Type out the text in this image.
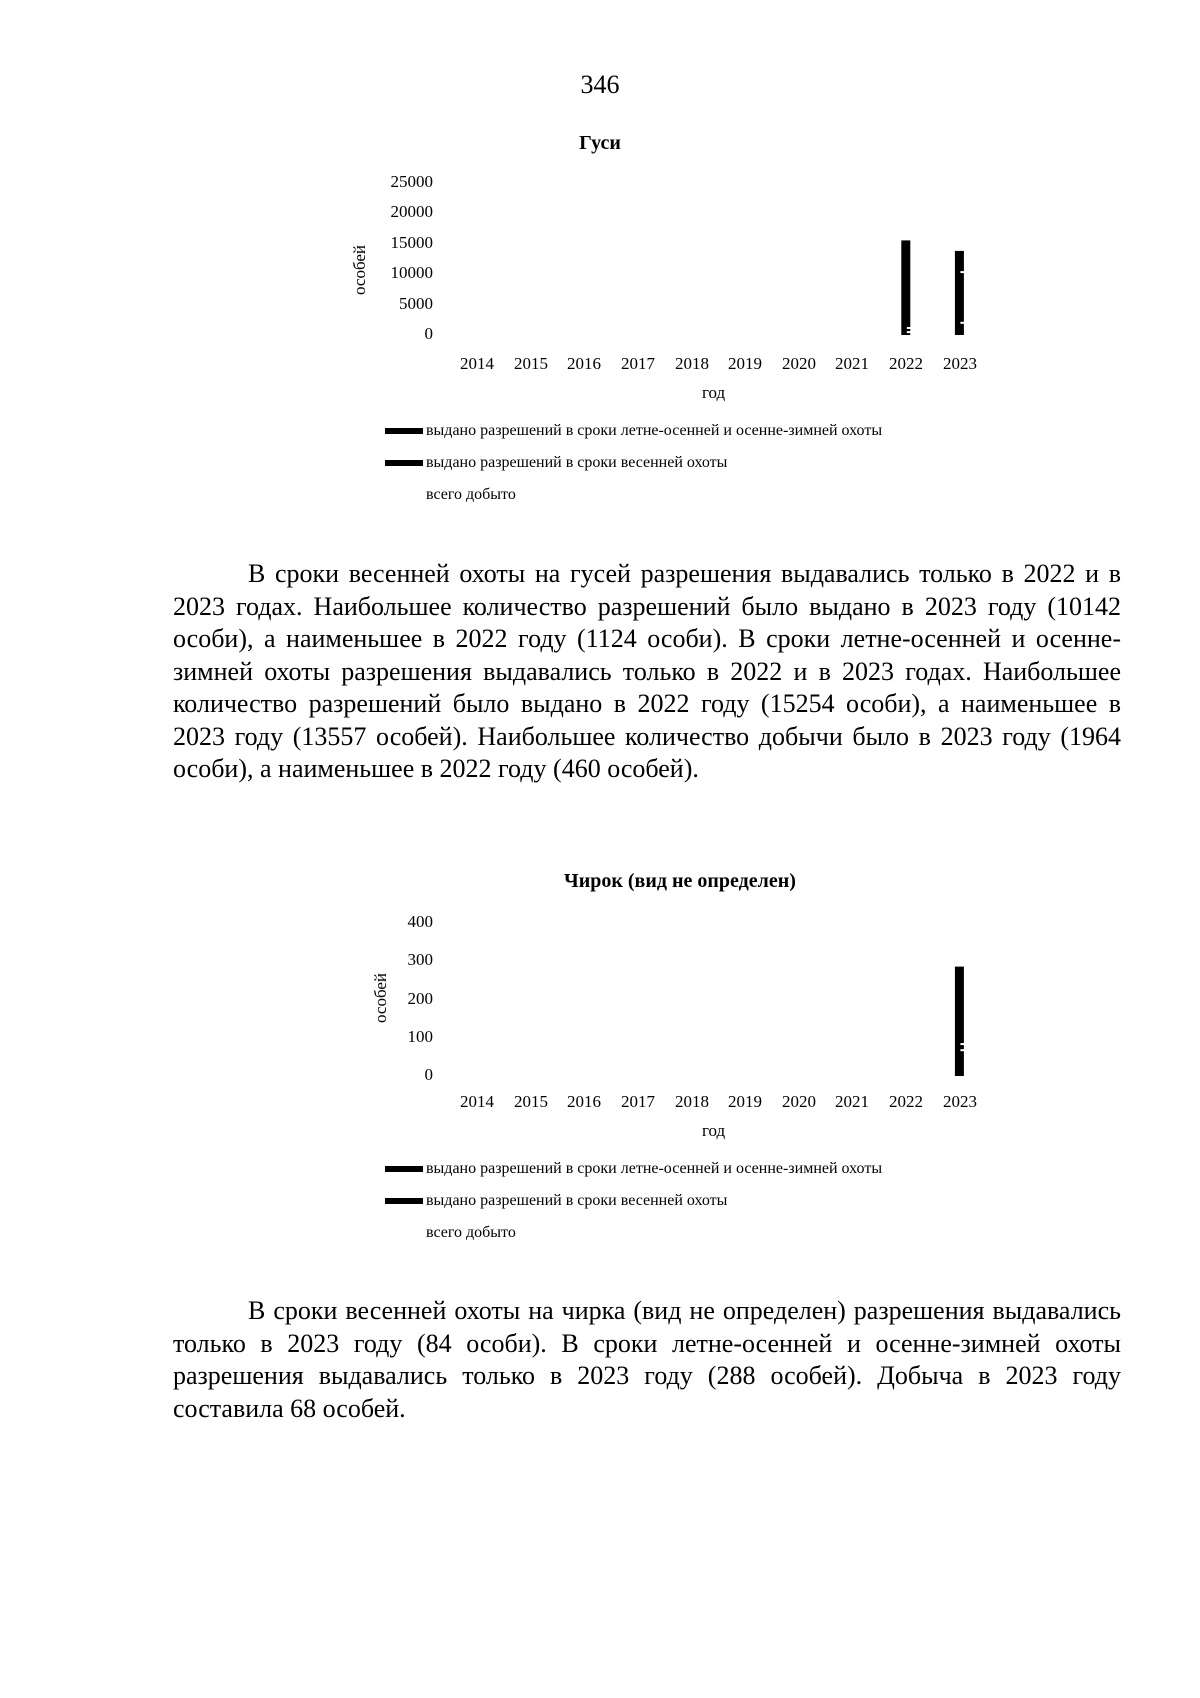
346
Гуси
особей
25000
20000
15000
10000
5000
0
2014	2015	2016	2017	2018	2019	2020	2021	2022	2023
год
выдано разрешений в сроки летне-осенней и осенне-зимней охоты
выдано разрешений в сроки весенней охоты
всего добыто

В сроки весенней охоты на гусей разрешения выдавались только в 2022 и в 2023 годах. Наибольшее количество разрешений было выдано в 2023 году (10142 особи), а наименьшее в 2022 году (1124 особи). В сроки летне-осенней и осенне-зимней охоты разрешения выдавались только в 2022 и в 2023 годах. Наибольшее количество разрешений было выдано в 2022 году (15254 особи), а наименьшее в 2023 году (13557 особей). Наибольшее количество добычи было в 2023 году (1964 особи), а наименьшее в 2022 году (460 особей).

Чирок (вид не определен)
особей
400
300
200
100
0
2014	2015	2016	2017	2018	2019	2020	2021	2022	2023
год
выдано разрешений в сроки летне-осенней и осенне-зимней охоты
выдано разрешений в сроки весенней охоты
всего добыто

В сроки весенней охоты на чирка (вид не определен) разрешения выдавались только в 2023 году (84 особи). В сроки летне-осенней и осенне-зимней охоты разрешения выдавались только в 2023 году (288 особей). Добыча в 2023 году составила 68 особей.
